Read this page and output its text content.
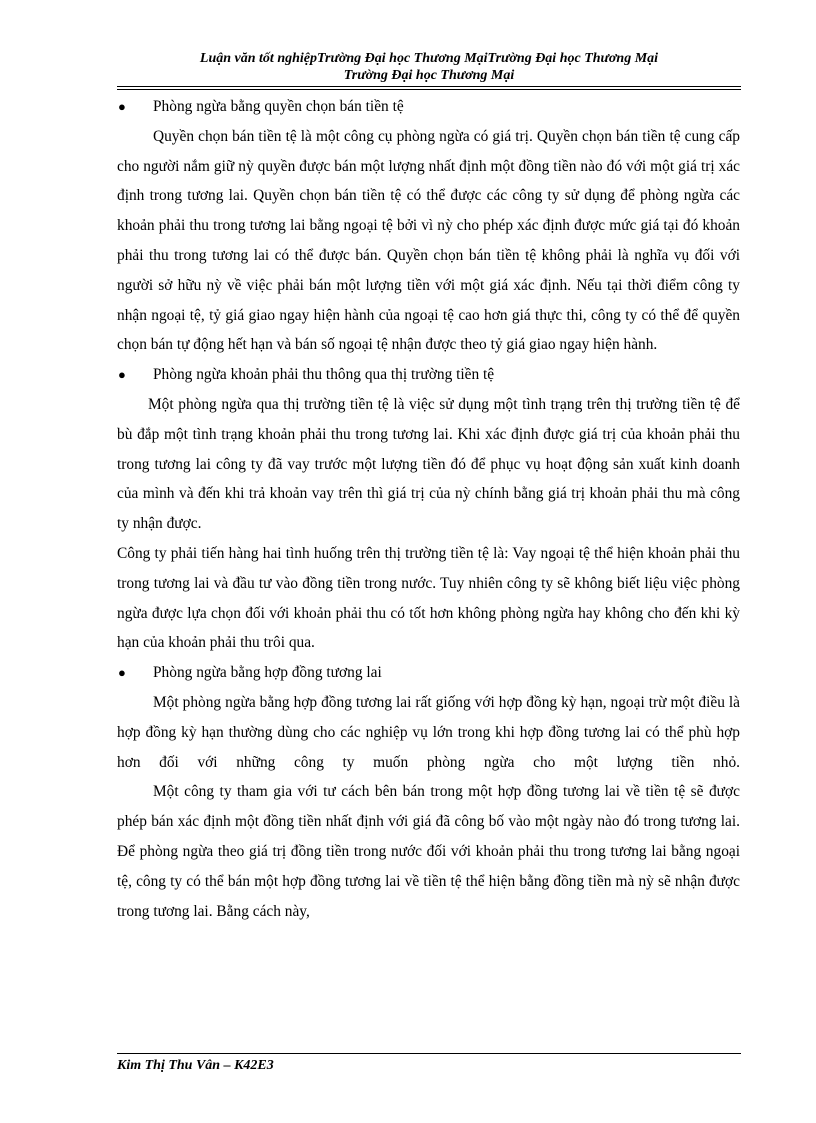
Luận văn tốt nghiệpTrường Đại học Thương MạiTrường Đại học Thương Mại
Trường Đại học Thương Mại
● Phòng ngừa bằng quyền chọn bán tiền tệ

Quyền chọn bán tiền tệ là một công cụ phòng ngừa có giá trị. Quyền chọn bán tiền tệ cung cấp cho người nắm giữ nỳ quyền được bán một lượng nhất định một đồng tiền nào đó với một giá trị xác định trong tương lai. Quyền chọn bán tiền tệ có thể được các công ty sử dụng để phòng ngừa các khoản phải thu trong tương lai bằng ngoại tệ bởi vì nỳ cho phép xác định được mức giá tại đó khoản phải thu trong tương lai có thể được bán. Quyền chọn bán tiền tệ không phải là nghĩa vụ đối với người sở hữu nỳ về việc phải bán một lượng tiền với một giá xác định. Nếu tại thời điểm công ty nhận ngoại tệ, tỷ giá giao ngay hiện hành của ngoại tệ cao hơn giá thực thi, công ty có thể để quyền chọn bán tự động hết hạn và bán số ngoại tệ nhận được theo tỷ giá giao ngay hiện hành.

● Phòng ngừa khoản phải thu thông qua thị trường tiền tệ

Một phòng ngừa qua thị trường tiền tệ là việc sử dụng một tình trạng trên thị trường tiền tệ để bù đắp một tình trạng khoản phải thu trong tương lai. Khi xác định được giá trị của khoản phải thu trong tương lai công ty đã vay trước một lượng tiền đó để phục vụ hoạt động sản xuất kinh doanh của mình và đến khi trả khoản vay trên thì giá trị của nỳ chính bằng giá trị khoản phải thu mà công ty nhận được.

Công ty phải tiến hàng hai tình huống trên thị trường tiền tệ là: Vay ngoại tệ thể hiện khoản phải thu trong tương lai và đầu tư vào đồng tiền trong nước. Tuy nhiên công ty sẽ không biết liệu việc phòng ngừa được lựa chọn đối với khoản phải thu có tốt hơn không phòng ngừa hay không cho đến khi kỳ hạn của khoản phải thu trôi qua.

● Phòng ngừa bằng hợp đồng tương lai

Một phòng ngừa bằng hợp đồng tương lai rất giống với hợp đồng kỳ hạn, ngoại trừ một điều là hợp đồng kỳ hạn thường dùng cho các nghiệp vụ lớn trong khi hợp đồng tương lai có thể phù hợp hơn đối với những công ty muốn phòng ngừa cho một lượng tiền nhỏ.

Một công ty tham gia với tư cách bên bán trong một hợp đồng tương lai về tiền tệ sẽ được phép bán xác định một đồng tiền nhất định với giá đã công bố vào một ngày nào đó trong tương lai. Để phòng ngừa theo giá trị đồng tiền trong nước đối với khoản phải thu trong tương lai bằng ngoại tệ, công ty có thể bán một hợp đồng tương lai về tiền tệ thể hiện bằng đồng tiền mà nỳ sẽ nhận được trong tương lai. Bằng cách này,

Kim Thị Thu Vân – K42E3
